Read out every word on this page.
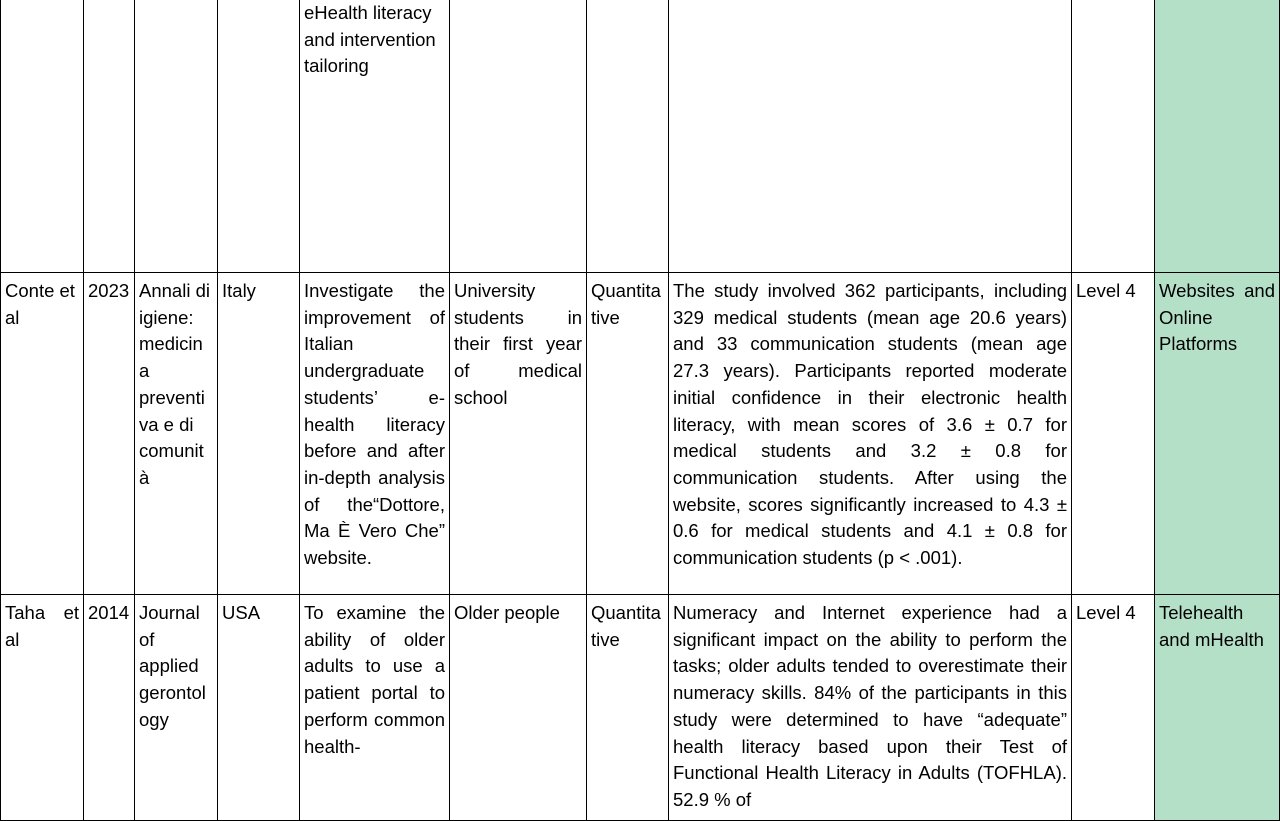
				eHealth literacy and intervention tailoring					
Conte et al	2023	Annali di igiene: medicina preventiva e di comunità	Italy	Investigate the improvement of Italian undergraduate students’ e-health literacy before and after in-depth analysis of the“Dottore, Ma È Vero Che” website.	University students in their first year of medical school	Quantitative	The study involved 362 participants, including 329 medical students (mean age 20.6 years) and 33 communication students (mean age 27.3 years). Participants reported moderate initial confidence in their electronic health literacy, with mean scores of 3.6 ± 0.7 for medical students and 3.2 ± 0.8 for communication students. After using the website, scores significantly increased to 4.3 ± 0.6 for medical students and 4.1 ± 0.8 for communication students (p < .001).	Level 4	Websites and Online Platforms
Taha et al	2014	Journal of applied gerontology	USA	To examine the ability of older adults to use a patient portal to perform common health-	Older people	Quantitative	Numeracy and Internet experience had a significant impact on the ability to perform the tasks; older adults tended to overestimate their numeracy skills. 84% of the participants in this study were determined to have “adequate” health literacy based upon their Test of Functional Health Literacy in Adults (TOFHLA). 52.9 % of	Level 4	Telehealth and mHealth
